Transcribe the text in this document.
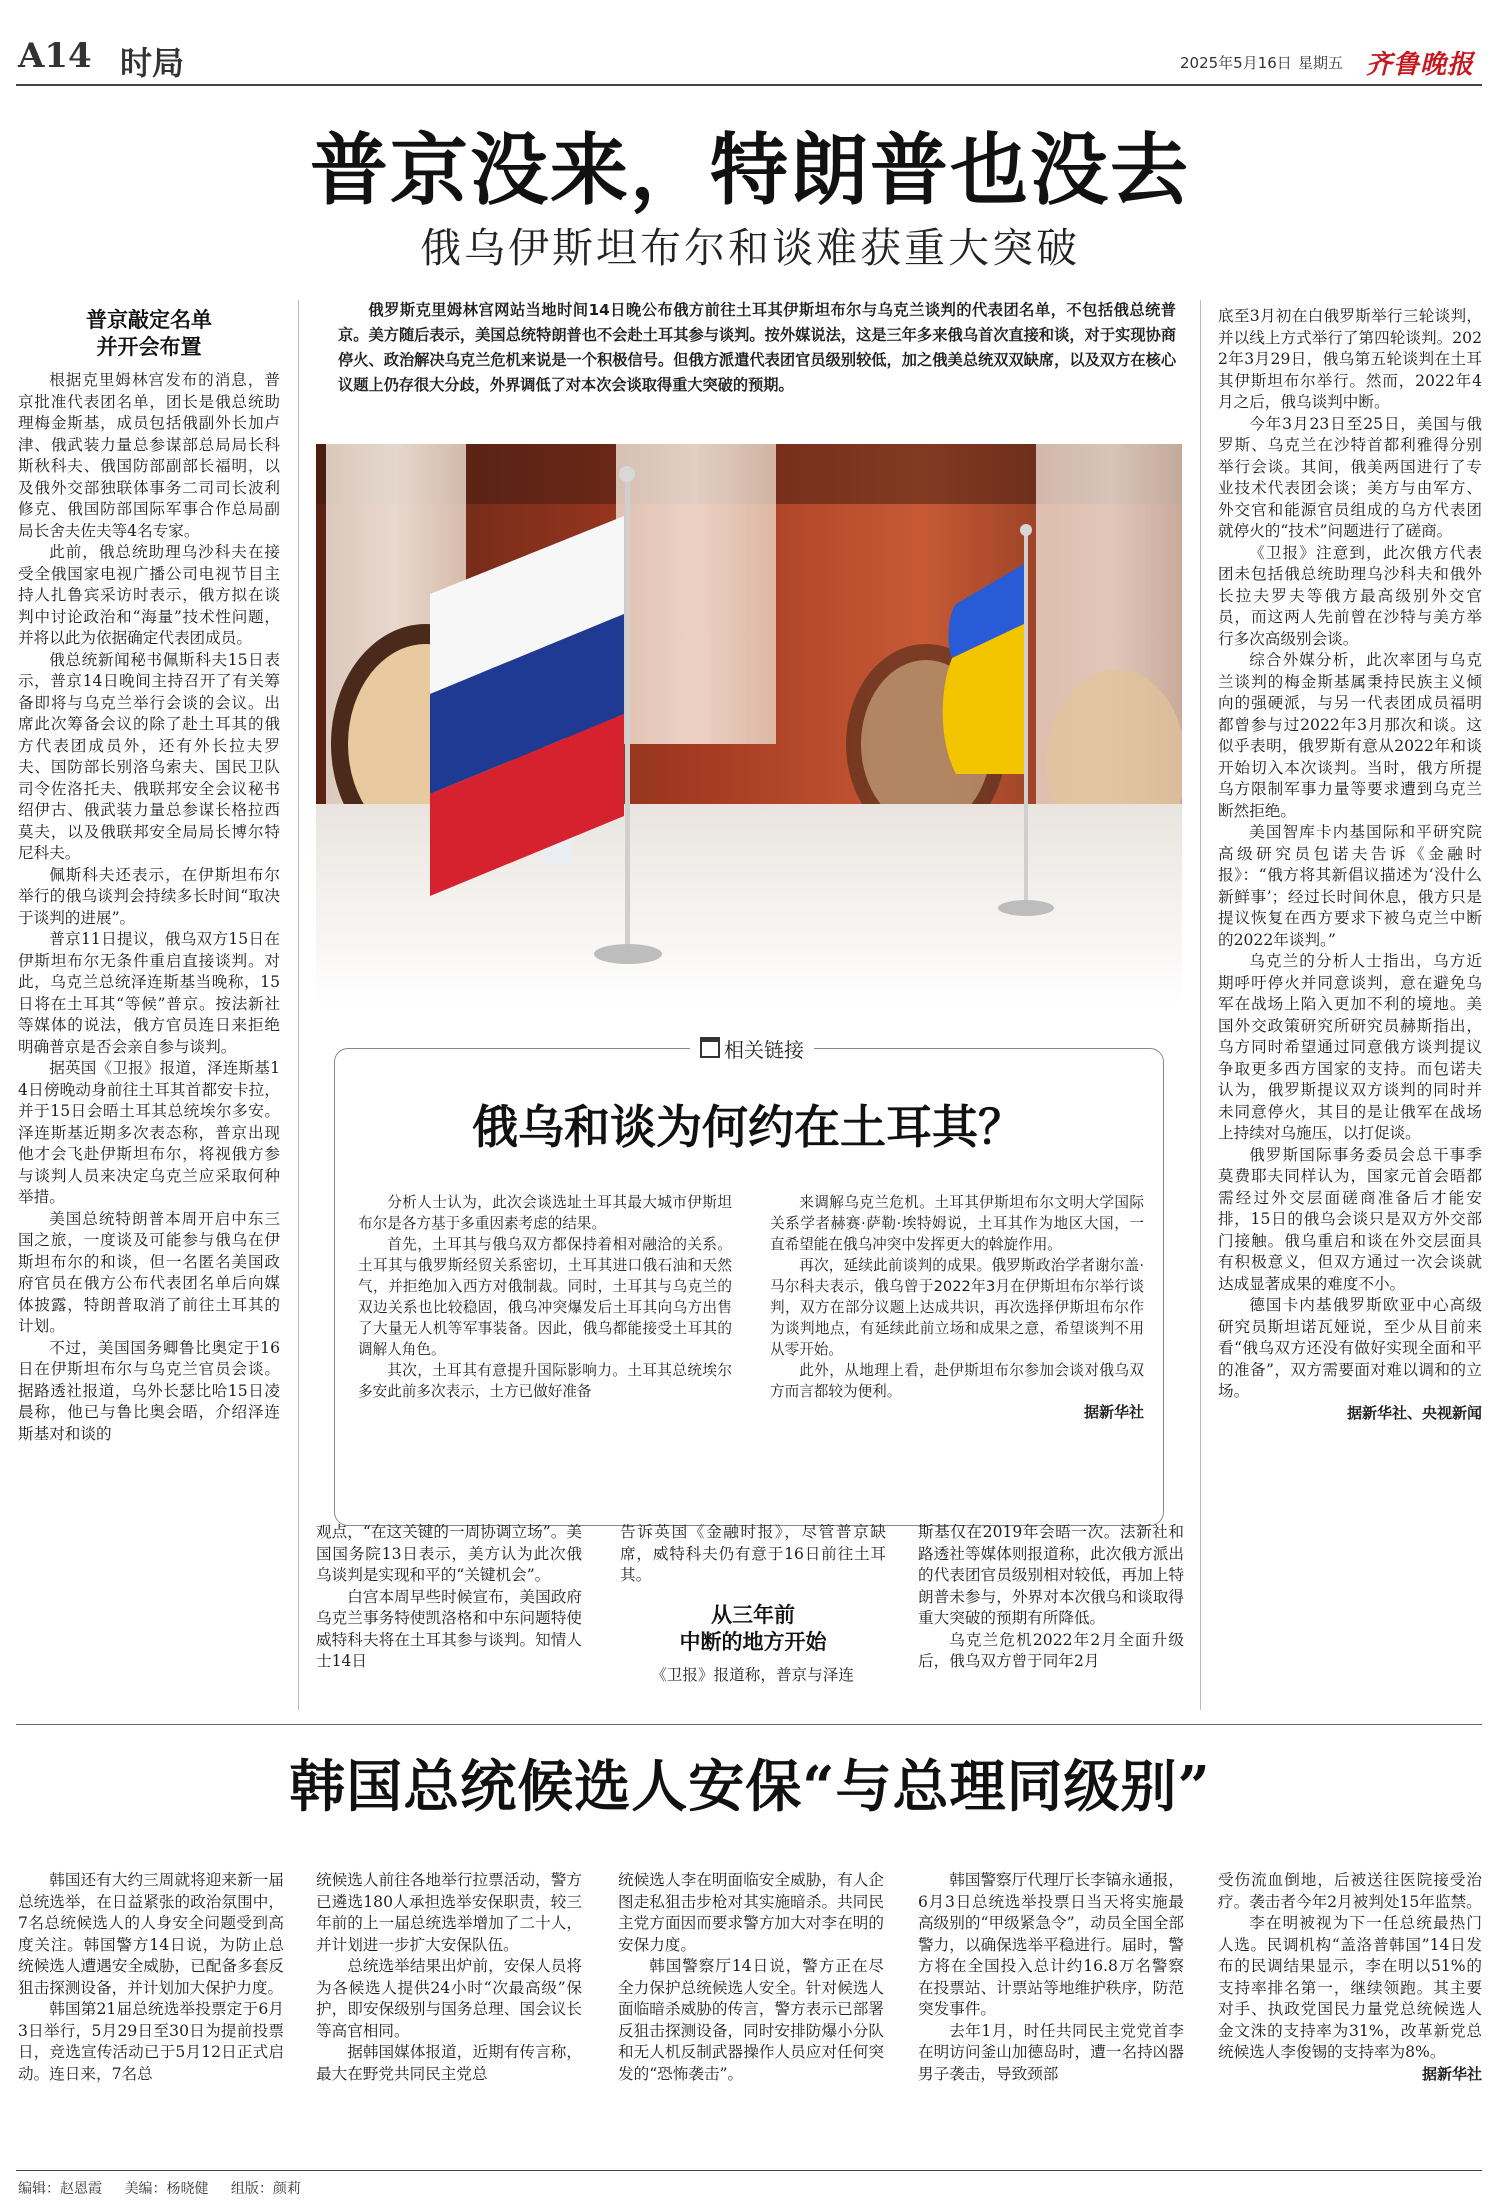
A14 时局	2025年5月16日 星期五 齐鲁晚报
普京没来，特朗普也没去
俄乌伊斯坦布尔和谈难获重大突破

俄罗斯克里姆林宫网站当地时间14日晚公布俄方前往土耳其伊斯坦布尔与乌克兰谈判的代表团名单，不包括俄总统普京。美方随后表示，美国总统特朗普也不会赴土耳其参与谈判。按外媒说法，这是三年多来俄乌首次直接和谈，对于实现协商停火、政治解决乌克兰危机来说是一个积极信号。但俄方派遣代表团官员级别较低，加之俄美总统双双缺席，以及双方在核心议题上仍存很大分歧，外界调低了对本次会谈取得重大突破的预期。

普京敲定名单

并开会布置

根据克里姆林宫发布的消息，普京批准代表团名单，团长是俄总统助理梅金斯基，成员包括俄副外长加卢津、俄武装力量总参谋部总局局长科斯秋科夫、俄国防部副部长福明，以及俄外交部独联体事务二司司长波利修克、俄国防部国际军事合作总局副局长舍夫佐夫等4名专家。

此前，俄总统助理乌沙科夫在接受全俄国家电视广播公司电视节目主持人扎鲁宾采访时表示，俄方拟在谈判中讨论政治和“海量”技术性问题，并将以此为依据确定代表团成员。

俄总统新闻秘书佩斯科夫15日表示，普京14日晚间主持召开了有关筹备即将与乌克兰举行会谈的会议。出席此次筹备会议的除了赴土耳其的俄方代表团成员外，还有外长拉夫罗夫、国防部长别洛乌索夫、国民卫队司令佐洛托夫、俄联邦安全会议秘书绍伊古、俄武装力量总参谋长格拉西莫夫，以及俄联邦安全局局长博尔特尼科夫。

佩斯科夫还表示，在伊斯坦布尔举行的俄乌谈判会持续多长时间“取决于谈判的进展”。

普京11日提议，俄乌双方15日在伊斯坦布尔无条件重启直接谈判。对此，乌克兰总统泽连斯基当晚称，15日将在土耳其“等候”普京。按法新社等媒体的说法，俄方官员连日来拒绝明确普京是否会亲自参与谈判。

据英国《卫报》报道，泽连斯基14日傍晚动身前往土耳其首都安卡拉，并于15日会晤土耳其总统埃尔多安。泽连斯基近期多次表态称，普京出现他才会飞赴伊斯坦布尔，将视俄方参与谈判人员来决定乌克兰应采取何种举措。

美国总统特朗普本周开启中东三国之旅，一度谈及可能参与俄乌在伊斯坦布尔的和谈，但一名匿名美国政府官员在俄方公布代表团名单后向媒体披露，特朗普取消了前往土耳其的计划。

不过，美国国务卿鲁比奥定于16日在伊斯坦布尔与乌克兰官员会谈。据路透社报道，乌外长瑟比哈15日凌晨称，他已与鲁比奥会晤，介绍泽连斯基对和谈的

相关链接
俄乌和谈为何约在土耳其？

分析人士认为，此次会谈选址土耳其最大城市伊斯坦布尔是各方基于多重因素考虑的结果。

首先，土耳其与俄乌双方都保持着相对融洽的关系。土耳其与俄罗斯经贸关系密切，土耳其进口俄石油和天然气，并拒绝加入西方对俄制裁。同时，土耳其与乌克兰的双边关系也比较稳固，俄乌冲突爆发后土耳其向乌方出售了大量无人机等军事装备。因此，俄乌都能接受土耳其的调解人角色。

其次，土耳其有意提升国际影响力。土耳其总统埃尔多安此前多次表示，土方已做好准备

来调解乌克兰危机。土耳其伊斯坦布尔文明大学国际关系学者赫赛·萨勒·埃特姆说，土耳其作为地区大国，一直希望能在俄乌冲突中发挥更大的斡旋作用。

再次，延续此前谈判的成果。俄罗斯政治学者谢尔盖·马尔科夫表示，俄乌曾于2022年3月在伊斯坦布尔举行谈判，双方在部分议题上达成共识，再次选择伊斯坦布尔作为谈判地点，有延续此前立场和成果之意，希望谈判不用从零开始。

此外，从地理上看，赴伊斯坦布尔参加会谈对俄乌双方而言都较为便利。

据新华社

观点，“在这关键的一周协调立场”。美国国务院13日表示，美方认为此次俄乌谈判是实现和平的“关键机会”。

白宫本周早些时候宣布，美国政府乌克兰事务特使凯洛格和中东问题特使威特科夫将在土耳其参与谈判。知情人士14日

告诉英国《金融时报》，尽管普京缺席，威特科夫仍有意于16日前往土耳其。

从三年前

中断的地方开始

《卫报》报道称，普京与泽连

斯基仅在2019年会晤一次。法新社和路透社等媒体则报道称，此次俄方派出的代表团官员级别相对较低，再加上特朗普未参与，外界对本次俄乌和谈取得重大突破的预期有所降低。

乌克兰危机2022年2月全面升级后，俄乌双方曾于同年2月

底至3月初在白俄罗斯举行三轮谈判，并以线上方式举行了第四轮谈判。2022年3月29日，俄乌第五轮谈判在土耳其伊斯坦布尔举行。然而，2022年4月之后，俄乌谈判中断。

今年3月23日至25日，美国与俄罗斯、乌克兰在沙特首都利雅得分别举行会谈。其间，俄美两国进行了专业技术代表团会谈；美方与由军方、外交官和能源官员组成的乌方代表团就停火的“技术”问题进行了磋商。

《卫报》注意到，此次俄方代表团未包括俄总统助理乌沙科夫和俄外长拉夫罗夫等俄方最高级别外交官员，而这两人先前曾在沙特与美方举行多次高级别会谈。

综合外媒分析，此次率团与乌克兰谈判的梅金斯基属秉持民族主义倾向的强硬派，与另一代表团成员福明都曾参与过2022年3月那次和谈。这似乎表明，俄罗斯有意从2022年和谈开始切入本次谈判。当时，俄方所提乌方限制军事力量等要求遭到乌克兰断然拒绝。

美国智库卡内基国际和平研究院高级研究员包诺夫告诉《金融时报》：“俄方将其新倡议描述为‘没什么新鲜事’；经过长时间休息，俄方只是提议恢复在西方要求下被乌克兰中断的2022年谈判。”

乌克兰的分析人士指出，乌方近期呼吁停火并同意谈判，意在避免乌军在战场上陷入更加不利的境地。美国外交政策研究所研究员赫斯指出，乌方同时希望通过同意俄方谈判提议争取更多西方国家的支持。而包诺夫认为，俄罗斯提议双方谈判的同时并未同意停火，其目的是让俄军在战场上持续对乌施压，以打促谈。

俄罗斯国际事务委员会总干事季莫费耶夫同样认为，国家元首会晤都需经过外交层面磋商准备后才能安排，15日的俄乌会谈只是双方外交部门接触。俄乌重启和谈在外交层面具有积极意义，但双方通过一次会谈就达成显著成果的难度不小。

德国卡内基俄罗斯欧亚中心高级研究员斯坦诺瓦娅说，至少从目前来看“俄乌双方还没有做好实现全面和平的准备”，双方需要面对难以调和的立场。

据新华社、央视新闻

韩国总统候选人安保“与总理同级别”

韩国还有大约三周就将迎来新一届总统选举，在日益紧张的政治氛围中，7名总统候选人的人身安全问题受到高度关注。韩国警方14日说，为防止总统候选人遭遇安全威胁，已配备多套反狙击探测设备，并计划加大保护力度。

韩国第21届总统选举投票定于6月3日举行，5月29日至30日为提前投票日，竞选宣传活动已于5月12日正式启动。连日来，7名总

统候选人前往各地举行拉票活动，警方已遴选180人承担选举安保职责，较三年前的上一届总统选举增加了二十人，并计划进一步扩大安保队伍。

总统选举结果出炉前，安保人员将为各候选人提供24小时“次最高级”保护，即安保级别与国务总理、国会议长等高官相同。

据韩国媒体报道，近期有传言称，最大在野党共同民主党总

统候选人李在明面临安全威胁，有人企图走私狙击步枪对其实施暗杀。共同民主党方面因而要求警方加大对李在明的安保力度。

韩国警察厅14日说，警方正在尽全力保护总统候选人安全。针对候选人面临暗杀威胁的传言，警方表示已部署反狙击探测设备，同时安排防爆小分队和无人机反制武器操作人员应对任何突发的“恐怖袭击”。

韩国警察厅代理厅长李镐永通报，6月3日总统选举投票日当天将实施最高级别的“甲级紧急令”，动员全国全部警力，以确保选举平稳进行。届时，警方将在全国投入总计约16.8万名警察在投票站、计票站等地维护秩序，防范突发事件。

去年1月，时任共同民主党党首李在明访问釜山加德岛时，遭一名持凶器男子袭击，导致颈部

受伤流血倒地，后被送往医院接受治疗。袭击者今年2月被判处15年监禁。

李在明被视为下一任总统最热门人选。民调机构“盖洛普韩国”14日发布的民调结果显示，李在明以51%的支持率排名第一，继续领跑。其主要对手、执政党国民力量党总统候选人金文洙的支持率为31%，改革新党总统候选人李俊锡的支持率为8%。

据新华社

编辑：赵恩霞 美编：杨晓健 组版：颜莉
